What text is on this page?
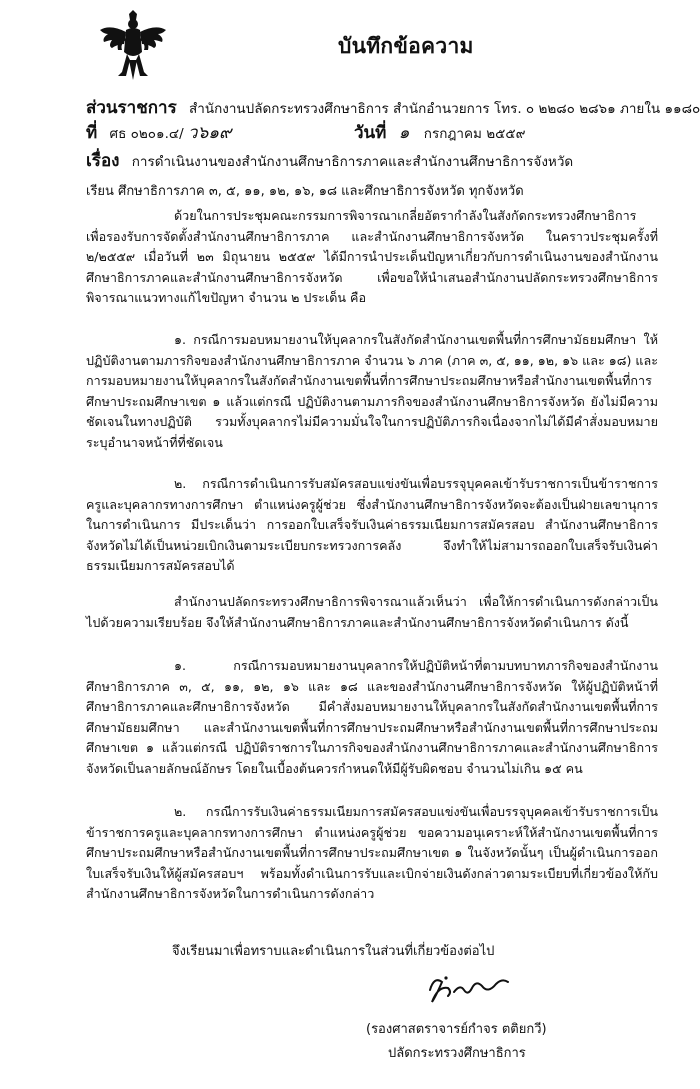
บันทึกข้อความ
ส่วนราชการ สำนักงานปลัดกระทรวงศึกษาธิการ สำนักอำนวยการ โทร. ๐ ๒๒๘๐ ๒๘๖๑ ภายใน ๑๑๘๐
ที่ ศธ ๐๒๐๑.๔/ ว๖๑๙	วันที่ ๑ กรกฎาคม ๒๕๕๙
เรื่อง การดำเนินงานของสำนักงานศึกษาธิการภาคและสำนักงานศึกษาธิการจังหวัด
เรียน ศึกษาธิการภาค ๓, ๕, ๑๑, ๑๒, ๑๖, ๑๘ และศึกษาธิการจังหวัด ทุกจังหวัด

ด้วยในการประชุมคณะกรรมการพิจารณาเกลี่ยอัตรากำลังในสังกัดกระทรวงศึกษาธิการ เพื่อรองรับการจัดตั้งสำนักงานศึกษาธิการภาค และสำนักงานศึกษาธิการจังหวัด ในคราวประชุมครั้งที่ ๒/๒๕๕๙ เมื่อวันที่ ๒๓ มิถุนายน ๒๕๕๙ ได้มีการนำประเด็นปัญหาเกี่ยวกับการดำเนินงานของสำนักงานศึกษาธิการภาคและสำนักงานศึกษาธิการจังหวัด เพื่อขอให้นำเสนอสำนักงานปลัดกระทรวงศึกษาธิการพิจารณาแนวทางแก้ไขปัญหา จำนวน ๒ ประเด็น คือ

๑. กรณีการมอบหมายงานให้บุคลากรในสังกัดสำนักงานเขตพื้นที่การศึกษามัธยมศึกษา ให้ปฏิบัติงานตามภารกิจของสำนักงานศึกษาธิการภาค จำนวน ๖ ภาค (ภาค ๓, ๕, ๑๑, ๑๒, ๑๖ และ ๑๘) และการมอบหมายงานให้บุคลากรในสังกัดสำนักงานเขตพื้นที่การศึกษาประถมศึกษาหรือสำนักงานเขตพื้นที่การศึกษาประถมศึกษาเขต ๑ แล้วแต่กรณี ปฏิบัติงานตามภารกิจของสำนักงานศึกษาธิการจังหวัด ยังไม่มีความชัดเจนในทางปฏิบัติ รวมทั้งบุคลากรไม่มีความมั่นใจในการปฏิบัติภารกิจเนื่องจากไม่ได้มีคำสั่งมอบหมายระบุอำนาจหน้าที่ที่ชัดเจน

๒. กรณีการดำเนินการรับสมัครสอบแข่งขันเพื่อบรรจุบุคคลเข้ารับราชการเป็นข้าราชการครูและบุคลากรทางการศึกษา ตำแหน่งครูผู้ช่วย ซึ่งสำนักงานศึกษาธิการจังหวัดจะต้องเป็นฝ่ายเลขานุการในการดำเนินการ มีประเด็นว่า การออกใบเสร็จรับเงินค่าธรรมเนียมการสมัครสอบ สำนักงานศึกษาธิการจังหวัดไม่ได้เป็นหน่วยเบิกเงินตามระเบียบกระทรวงการคลัง จึงทำให้ไม่สามารถออกใบเสร็จรับเงินค่าธรรมเนียมการสมัครสอบได้

สำนักงานปลัดกระทรวงศึกษาธิการพิจารณาแล้วเห็นว่า เพื่อให้การดำเนินการดังกล่าวเป็นไปด้วยความเรียบร้อย จึงให้สำนักงานศึกษาธิการภาคและสำนักงานศึกษาธิการจังหวัดดำเนินการ ดังนี้

๑. กรณีการมอบหมายงานบุคลากรให้ปฏิบัติหน้าที่ตามบทบาทภารกิจของสำนักงานศึกษาธิการภาค ๓, ๕, ๑๑, ๑๒, ๑๖ และ ๑๘ และของสำนักงานศึกษาธิการจังหวัด ให้ผู้ปฏิบัติหน้าที่ศึกษาธิการภาคและศึกษาธิการจังหวัด มีคำสั่งมอบหมายงานให้บุคลากรในสังกัดสำนักงานเขตพื้นที่การศึกษามัธยมศึกษา และสำนักงานเขตพื้นที่การศึกษาประถมศึกษาหรือสำนักงานเขตพื้นที่การศึกษาประถมศึกษาเขต ๑ แล้วแต่กรณี ปฏิบัติราชการในภารกิจของสำนักงานศึกษาธิการภาคและสำนักงานศึกษาธิการจังหวัดเป็นลายลักษณ์อักษร โดยในเบื้องต้นควรกำหนดให้มีผู้รับผิดชอบ จำนวนไม่เกิน ๑๕ คน

๒. กรณีการรับเงินค่าธรรมเนียมการสมัครสอบแข่งขันเพื่อบรรจุบุคคลเข้ารับราชการเป็นข้าราชการครูและบุคลากรทางการศึกษา ตำแหน่งครูผู้ช่วย ขอความอนุเคราะห์ให้สำนักงานเขตพื้นที่การศึกษาประถมศึกษาหรือสำนักงานเขตพื้นที่การศึกษาประถมศึกษาเขต ๑ ในจังหวัดนั้นๆ เป็นผู้ดำเนินการออกใบเสร็จรับเงินให้ผู้สมัครสอบฯ พร้อมทั้งดำเนินการรับและเบิกจ่ายเงินดังกล่าวตามระเบียบที่เกี่ยวข้องให้กับสำนักงานศึกษาธิการจังหวัดในการดำเนินการดังกล่าว

จึงเรียนมาเพื่อทราบและดำเนินการในส่วนที่เกี่ยวข้องต่อไป
(รองศาสตราจารย์กำจร ตติยกวี)
ปลัดกระทรวงศึกษาธิการ
